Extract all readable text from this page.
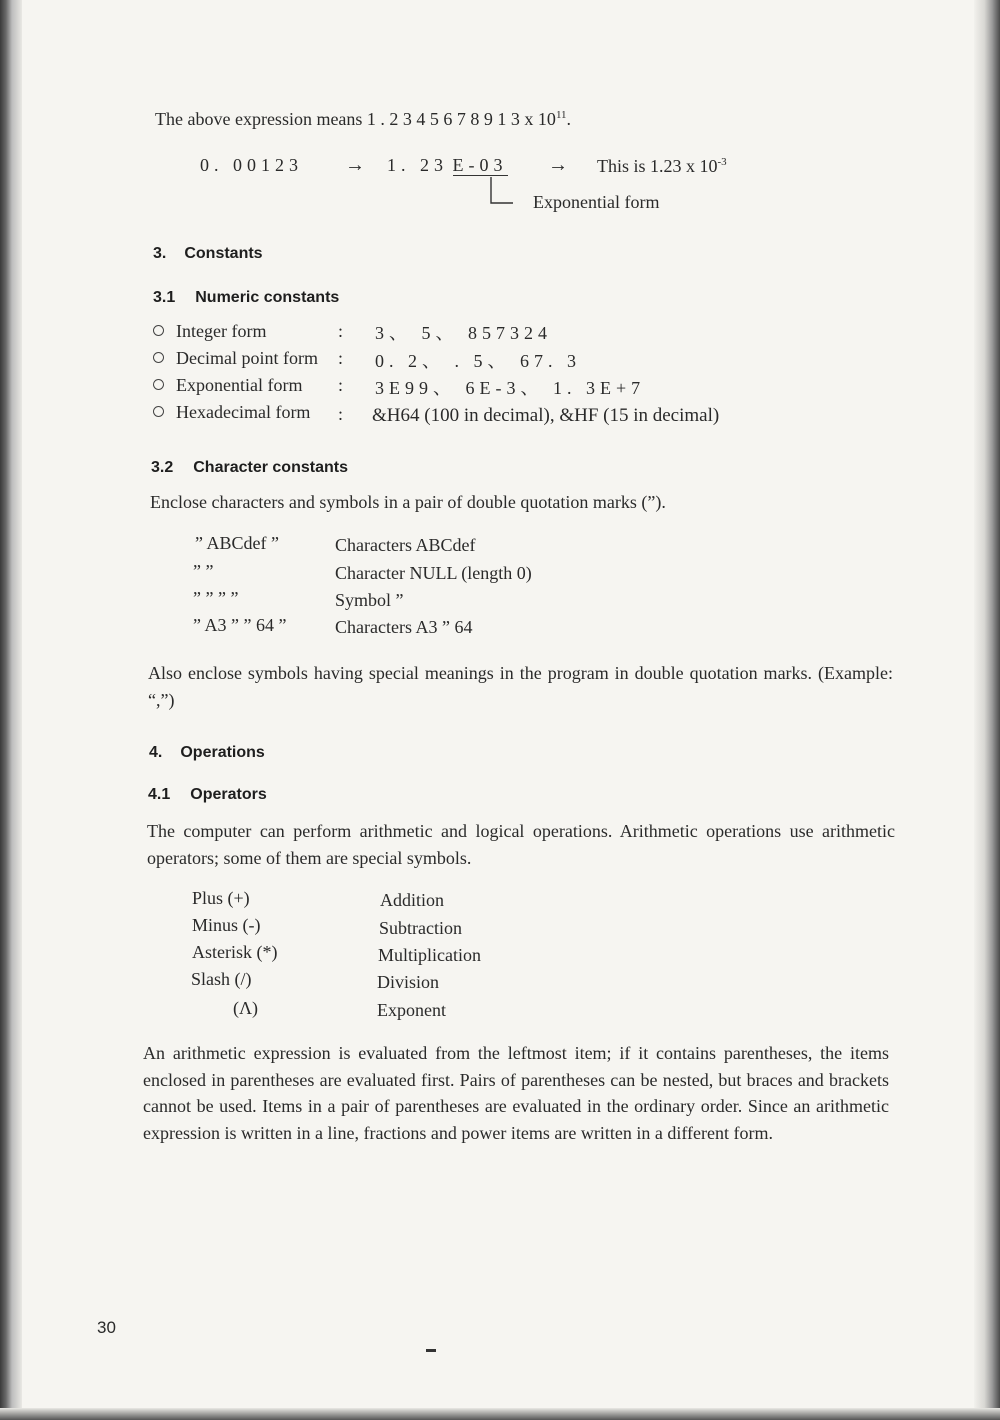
The above expression means 1 . 2 3 4 5 6 7 8 9 1 3 x $10^{11}$.
0. 00123 → 1. 23 E-03 → This is 1.23 x $10^{-3}$
Exponential form
3. Constants
3.1 Numeric constants
Integer form	: 3、 5、 857324
Decimal point form : 0. 2、 . 5、 67. 3
Exponential form : 3E99、 6E-3、 1. 3E+7
Hexadecimal form : &H64 (100 in decimal), &HF (15 in decimal)
3.2 Character constants
Enclose characters and symbols in a pair of double quotation marks (”).
” ABCdef ”	Characters ABCdef
” ”	Character NULL (length 0)
” ” ” ”	Symbol ”
” A3 ” ” 64 ”	Characters A3 ” 64
Also enclose symbols having special meanings in the program in double quotation marks. (Example: “,”)
4. Operations
4.1 Operators
The computer can perform arithmetic and logical operations. Arithmetic operations use arithmetic operators; some of them are special symbols.
Plus (+)	Addition
Minus (-)	Subtraction
Asterisk (*)	Multiplication
Slash (/)	Division
(Λ)	Exponent
An arithmetic expression is evaluated from the leftmost item; if it contains parentheses, the items enclosed in parentheses are evaluated first. Pairs of parentheses can be nested, but braces and brackets cannot be used. Items in a pair of parentheses are evaluated in the ordinary order. Since an arithmetic expression is written in a line, fractions and power items are written in a different form.
30
